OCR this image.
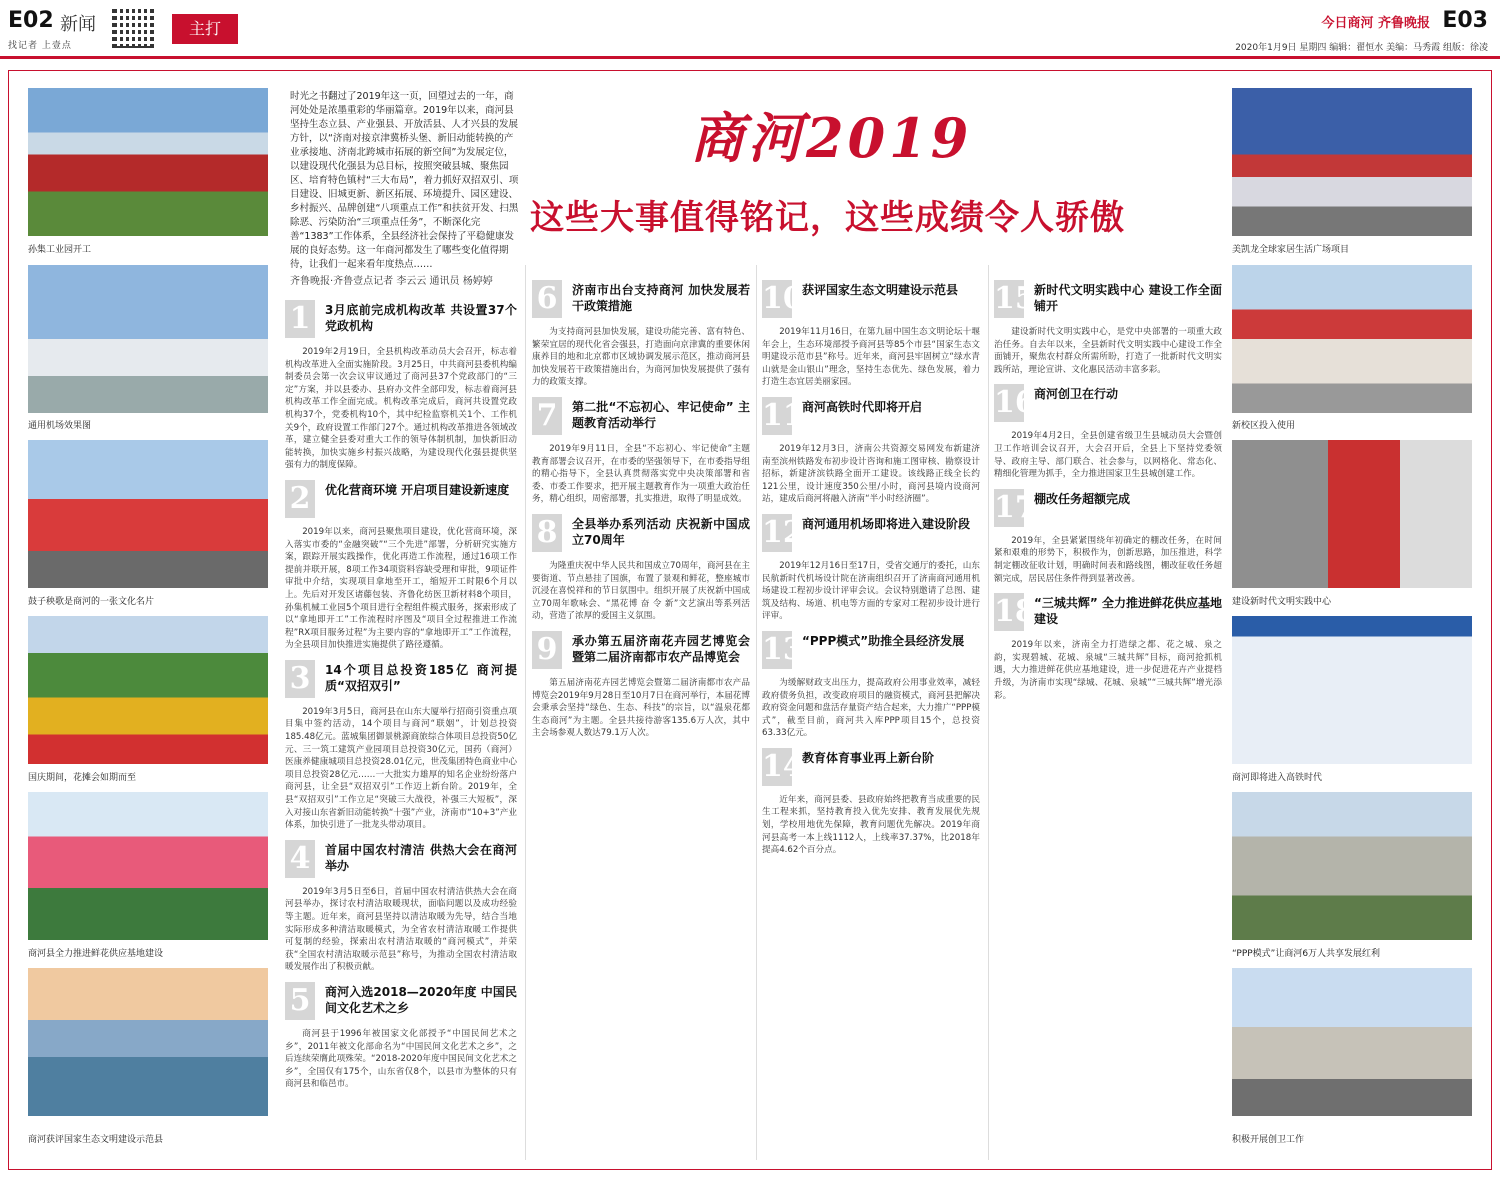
E02 新闻
找记者 上壹点
主打	今日商河 齐鲁晚报 E03
2020年1月9日 星期四 编辑：翟恒水 美编：马秀霞 组版：徐凌
孙集工业园开工
通用机场效果图
鼓子秧歌是商河的一张文化名片
国庆期间，花摊会如期而至
商河县全力推进鲜花供应基地建设
商河获评国家生态文明建设示范县
美凯龙全球家居生活广场项目
新校区投入使用
建设新时代文明实践中心
商河即将进入高铁时代
“PPP模式”让商河6万人共享发展红利
积极开展创卫工作
时光之书翻过了2019年这一页，回望过去的一年，商河处处是浓墨重彩的华丽篇章。2019年以来，商河县坚持生态立县、产业强县、开放活县、人才兴县的发展方针，以“济南对接京津冀桥头堡、新旧动能转换的产业承接地、济南北跨城市拓展的新空间”为发展定位，以建设现代化强县为总目标，按照突破县城、聚焦园区、培育特色镇村“三大布局”，着力抓好双招双引、项目建设、旧城更新、新区拓展、环境提升、园区建设、乡村振兴、品牌创建“八项重点工作”和扶贫开发、扫黑除恶、污染防治“三项重点任务”，不断深化完善“1383”工作体系，全县经济社会保持了平稳健康发展的良好态势。这一年商河都发生了哪些变化值得期待，让我们一起来看年度热点……
商河2019
这些大事值得铭记，这些成绩令人骄傲
齐鲁晚报·齐鲁壹点记者 李云云 通讯员 杨婷婷
1	3月底前完成机构改革 共设置37个党政机构
2019年2月19日，全县机构改革动员大会召开，标志着机构改革进入全面实施阶段。3月25日，中共商河县委机构编制委员会第一次会议审议通过了商河县37个党政部门的“三定”方案，并以县委办、县府办文件全部印发，标志着商河县机构改革工作全面完成。机构改革完成后，商河共设置党政机构37个，党委机构10个，其中纪检监察机关1个、工作机关9个，政府设置工作部门27个。通过机构改革推进各领域改革，建立健全县委对重大工作的领导体制机制，加快新旧动能转换，加快实施乡村振兴战略，为建设现代化强县提供坚强有力的制度保障。
2	优化营商环境 开启项目建设新速度
2019年以来，商河县聚焦项目建设，优化营商环境，深入落实市委的“金融突破”“三个先进”部署，分析研究实施方案，跟踪开展实践操作，优化再造工作流程，通过16项工作提前并联开展，8项工作34项资料容缺受理和审批，9项证件审批中介结，实现项目拿地至开工，缩短开工时限6个月以上。先后对开发区诸藤包装、齐鲁化纺医卫新材料8个项目，孙集机械工业园5个项目进行全程组件模式服务，探索形成了以“拿地即开工”工作流程时序图及“项目全过程推进工作流程”RX项目服务过程”为主要内容的“拿地即开工”工作流程，为全县项目加快推进实施提供了路径遵循。
3	14个项目总投资185亿 商河提质“双招双引”
2019年3月5日，商河县在山东大厦举行招商引资重点项目集中签约活动，14个项目与商河“联姻”，计划总投资185.48亿元。蓝城集团御景桃源商旅综合体项目总投资50亿元、三一筑工建筑产业园项目总投资30亿元，国药（商河）医康养健康城项目总投资28.01亿元，世茂集团特色商业中心项目总投资28亿元……一大批实力雄厚的知名企业纷纷落户商河县，让全县“双招双引”工作迈上新台阶。2019年，全县“双招双引”工作立足“突破三大战役，补强三大短板”，深入对接山东省新旧动能转换“十强”产业，济南市“10+3”产业体系，加快引进了一批龙头带动项目。
4	首届中国农村清洁 供热大会在商河举办
2019年3月5日至6日，首届中国农村清洁供热大会在商河县举办，探讨农村清洁取暖现状，面临问题以及成功经验等主题。近年来，商河县坚持以清洁取暖为先导，结合当地实际形成多种清洁取暖模式，为全省农村清洁取暖工作提供可复制的经验，探索出农村清洁取暖的“商河模式”，并荣获“全国农村清洁取暖示范县”称号，为推动全国农村清洁取暖发展作出了积极贡献。
5	商河入选2018—2020年度 中国民间文化艺术之乡
商河县于1996年被国家文化部授予“中国民间艺术之乡”，2011年被文化部命名为“中国民间文化艺术之乡”，之后连续荣膺此项殊荣。“2018-2020年度中国民间文化艺术之乡”，全国仅有175个，山东省仅8个，以县市为整体的只有商河县和临邑市。
6	济南市出台支持商河 加快发展若干政策措施
为支持商河县加快发展，建设功能完善、富有特色、繁荣宜居的现代化省会强县，打造面向京津冀的重要休闲康养目的地和北京都市区域协调发展示范区，推动商河县加快发展若干政策措施出台，为商河加快发展提供了强有力的政策支撑。
7	第二批“不忘初心、牢记使命” 主题教育活动举行
2019年9月11日，全县“不忘初心、牢记使命”主题教育部署会议召开，在市委的坚强领导下，在市委指导组的精心指导下，全县认真贯彻落实党中央决策部署和省委、市委工作要求，把开展主题教育作为一项重大政治任务，精心组织，周密部署，扎实推进，取得了明显成效。
8	全县举办系列活动 庆祝新中国成立70周年
为隆重庆祝中华人民共和国成立70周年，商河县在主要街道、节点悬挂了国旗，布置了景观和鲜花，整座城市沉浸在喜悦祥和的节日氛围中。组织开展了庆祝新中国成立70周年歌咏会、“黑花博 奋 令 新”文艺演出等系列活动，营造了浓厚的爱国主义氛围。
9	承办第五届济南花卉园艺博览会 暨第二届济南都市农产品博览会
第五届济南花卉园艺博览会暨第二届济南都市农产品博览会2019年9月28日至10月7日在商河举行，本届花博会秉承会坚持“绿色、生态、科技”的宗旨，以“温泉花都 生态商河”为主题。全县共接待游客135.6万人次，其中主会场参观人数达79.1万人次。
10
获评国家生态文明建设示范县
2019年11月16日，在第九届中国生态文明论坛十堰年会上，生态环境部授予商河县等85个市县“国家生态文明建设示范市县”称号。近年来，商河县牢固树立“绿水青山就是金山银山”理念，坚持生态优先、绿色发展，着力打造生态宜居美丽家园。
11
商河高铁时代即将开启
2019年12月3日，济南公共资源交易网发布新建济南至滨州铁路发布初步设计咨询和施工图审核、勘察设计招标，新建济滨铁路全面开工建设。该线路正线全长约121公里，设计速度350公里/小时，商河县境内设商河站，建成后商河将融入济南“半小时经济圈”。
12
商河通用机场即将进入建设阶段
2019年12月16日至17日，受省交通厅的委托，山东民航新时代机场设计院在济南组织召开了济南商河通用机场建设工程初步设计评审会议。会议特别邀请了总图、建筑及结构、场道、机电等方面的专家对工程初步设计进行评审。
13
“PPP模式”助推全县经济发展
为缓解财政支出压力，提高政府公用事业效率，减轻政府债务负担，改变政府项目的融资模式，商河县把解决政府资金问题和盘活存量资产结合起来，大力推广“PPP模式”，截至目前，商河共入库PPP项目15个，总投资63.33亿元。
14
教育体育事业再上新台阶
近年来，商河县委、县政府始终把教育当成重要的民生工程来抓，坚持教育投入优先安排、教育发展优先规划，学校用地优先保障，教育问题优先解决。2019年商河县高考一本上线1112人，上线率37.37%，比2018年提高4.62个百分点。
15
新时代文明实践中心 建设工作全面铺开
建设新时代文明实践中心，是党中央部署的一项重大政治任务。自去年以来，全县新时代文明实践中心建设工作全面铺开，聚焦农村群众所需所盼，打造了一批新时代文明实践所站，理论宣讲、文化惠民活动丰富多彩。
16
商河创卫在行动
2019年4月2日，全县创建省级卫生县城动员大会暨创卫工作培训会议召开，大会召开后，全县上下坚持党委领导、政府主导、部门联合、社会参与，以网格化、常态化、精细化管理为抓手，全力推进国家卫生县城创建工作。
17
棚改任务超额完成
2019年，全县紧紧围绕年初确定的棚改任务，在时间紧和艰难的形势下，积极作为，创新思路，加压推进，科学制定棚改征收计划，明确时间表和路线图，棚改征收任务超额完成，居民居住条件得到显著改善。
18
“三城共辉” 全力推进鲜花供应基地建设
2019年以来，济南全力打造绿之都、花之城、泉之韵，实现碧城、花城、泉城“三城共辉”目标，商河抢抓机遇，大力推进鲜花供应基地建设，进一步促进花卉产业提档升级，为济南市实现“绿城、花城、泉城”“三城共辉”增光添彩。
